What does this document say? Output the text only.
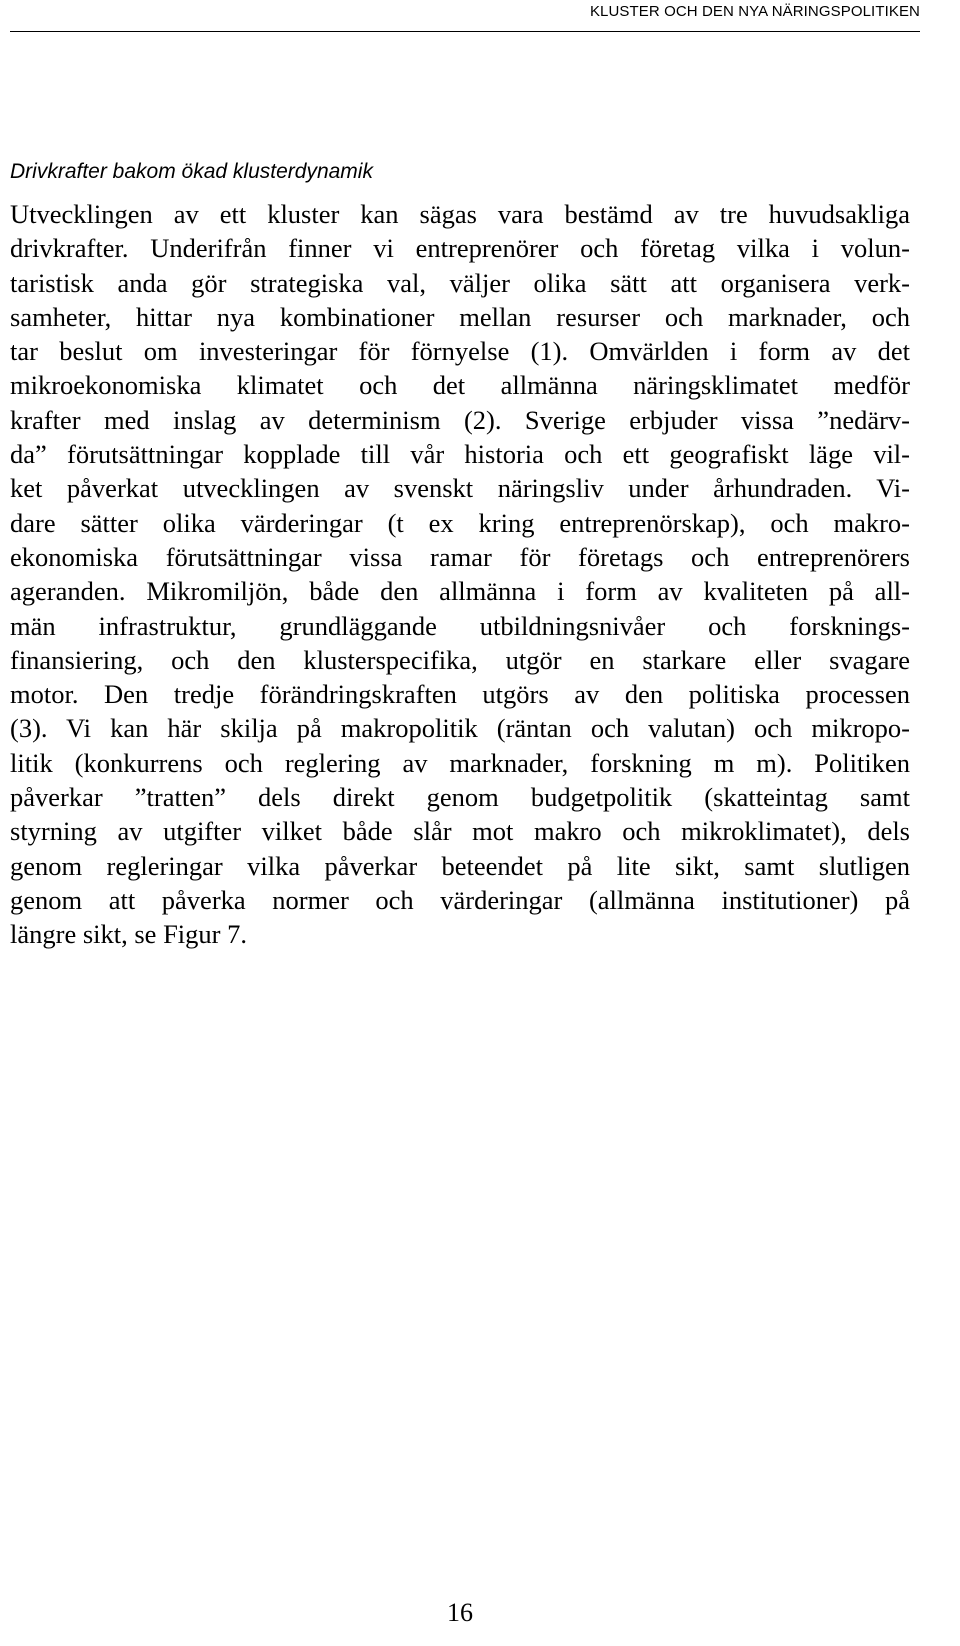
KLUSTER OCH DEN NYA NÄRINGSPOLITIKEN
Drivkrafter bakom ökad klusterdynamik
Utvecklingen av ett kluster kan sägas vara bestämd av tre huvudsakliga
drivkrafter. Underifrån finner vi entreprenörer och företag vilka i volun-
taristisk anda gör strategiska val, väljer olika sätt att organisera verk-
samheter, hittar nya kombinationer mellan resurser och marknader, och
tar beslut om investeringar för förnyelse (1). Omvärlden i form av det
mikroekonomiska klimatet och det allmänna näringsklimatet medför
krafter med inslag av determinism (2). Sverige erbjuder vissa ”nedärv-
da” förutsättningar kopplade till vår historia och ett geografiskt läge vil-
ket påverkat utvecklingen av svenskt näringsliv under århundraden. Vi-
dare sätter olika värderingar (t ex kring entreprenörskap), och makro-
ekonomiska förutsättningar vissa ramar för företags och entreprenörers
ageranden. Mikromiljön, både den allmänna i form av kvaliteten på all-
män infrastruktur, grundläggande utbildningsnivåer och forsknings-
finansiering, och den klusterspecifika, utgör en starkare eller svagare
motor. Den tredje förändringskraften utgörs av den politiska processen
(3). Vi kan här skilja på makropolitik (räntan och valutan) och mikropo-
litik (konkurrens och reglering av marknader, forskning m m). Politiken
påverkar ”tratten” dels direkt genom budgetpolitik (skatteintag samt
styrning av utgifter vilket både slår mot makro och mikroklimatet), dels
genom regleringar vilka påverkar beteendet på lite sikt, samt slutligen
genom att påverka normer och värderingar (allmänna institutioner) på
längre sikt, se Figur 7.
16
